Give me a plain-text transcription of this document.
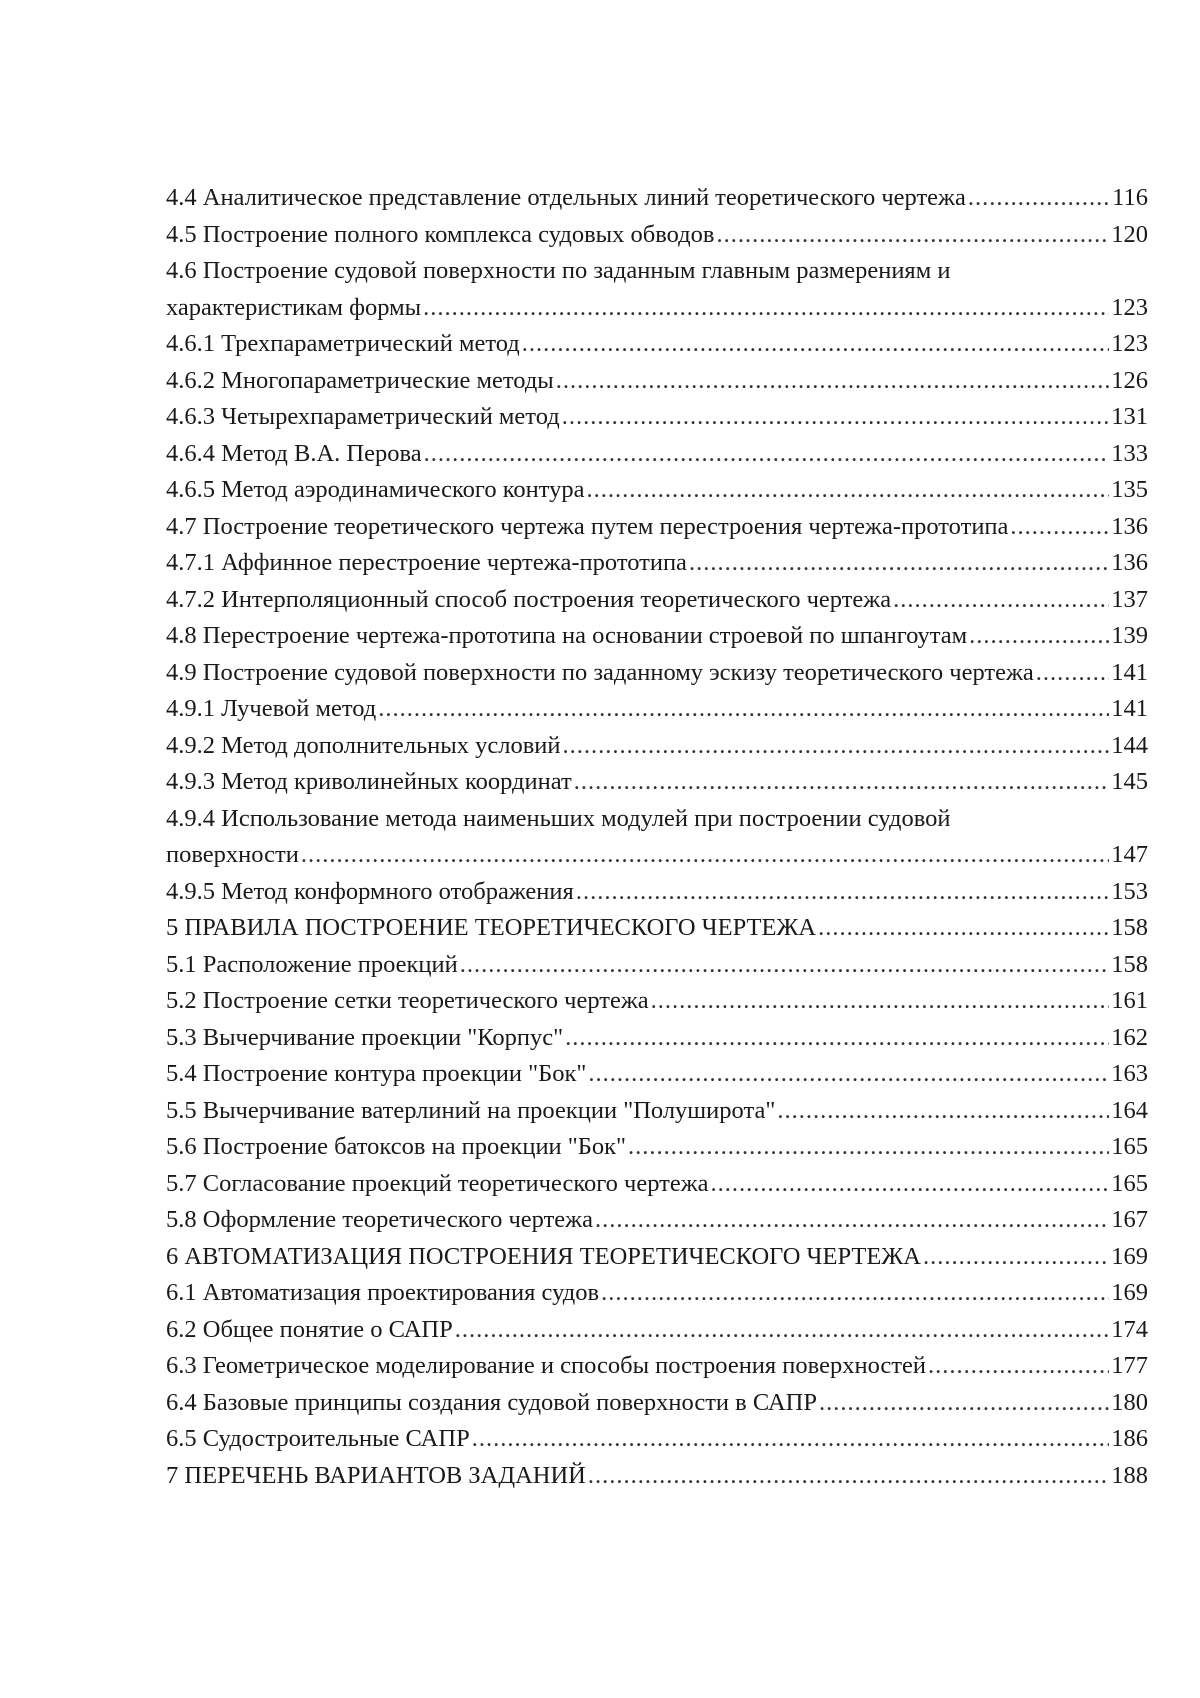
4.4 Аналитическое представление отдельных линий теоретического чертежа .....	116
4.5 Построение полного комплекса судовых обводов .....	120
4.6 Построение судовой поверхности по заданным главным размерениям и
характеристикам формы .....	123
4.6.1 Трехпараметрический метод .....	123
4.6.2 Многопараметрические методы .....	126
4.6.3 Четырехпараметрический метод .....	131
4.6.4 Метод В.А. Перова .....	133
4.6.5 Метод аэродинамического контура .....	135
4.7 Построение теоретического чертежа путем перестроения чертежа-прототипа .....	136
4.7.1 Аффинное перестроение чертежа-прототипа .....	136
4.7.2 Интерполяционный способ построения теоретического чертежа .....	137
4.8 Перестроение чертежа-прототипа на основании строевой по шпангоутам .....	139
4.9 Построение судовой поверхности по заданному эскизу теоретического чертежа .....	141
4.9.1 Лучевой метод .....	141
4.9.2 Метод дополнительных условий .....	144
4.9.3 Метод криволинейных координат .....	145
4.9.4 Использование метода наименьших модулей при построении судовой
поверхности .....	147
4.9.5 Метод конформного отображения .....	153
5 ПРАВИЛА ПОСТРОЕНИЕ ТЕОРЕТИЧЕСКОГО ЧЕРТЕЖА .....	158
5.1 Расположение проекций .....	158
5.2 Построение сетки теоретического чертежа .....	161
5.3 Вычерчивание проекции "Корпус" .....	162
5.4 Построение контура проекции "Бок" .....	163
5.5 Вычерчивание ватерлиний на проекции "Полуширота" .....	164
5.6 Построение батоксов на проекции "Бок" .....	165
5.7 Согласование проекций теоретического чертежа .....	165
5.8 Оформление теоретического чертежа .....	167
6 АВТОМАТИЗАЦИЯ ПОСТРОЕНИЯ ТЕОРЕТИЧЕСКОГО ЧЕРТЕЖА .....	169
6.1 Автоматизация проектирования судов .....	169
6.2 Общее понятие о САПР .....	174
6.3 Геометрическое моделирование и способы построения поверхностей .....	177
6.4 Базовые принципы создания судовой поверхности в САПР .....	180
6.5 Судостроительные САПР .....	186
7 ПЕРЕЧЕНЬ ВАРИАНТОВ ЗАДАНИЙ .....	188
